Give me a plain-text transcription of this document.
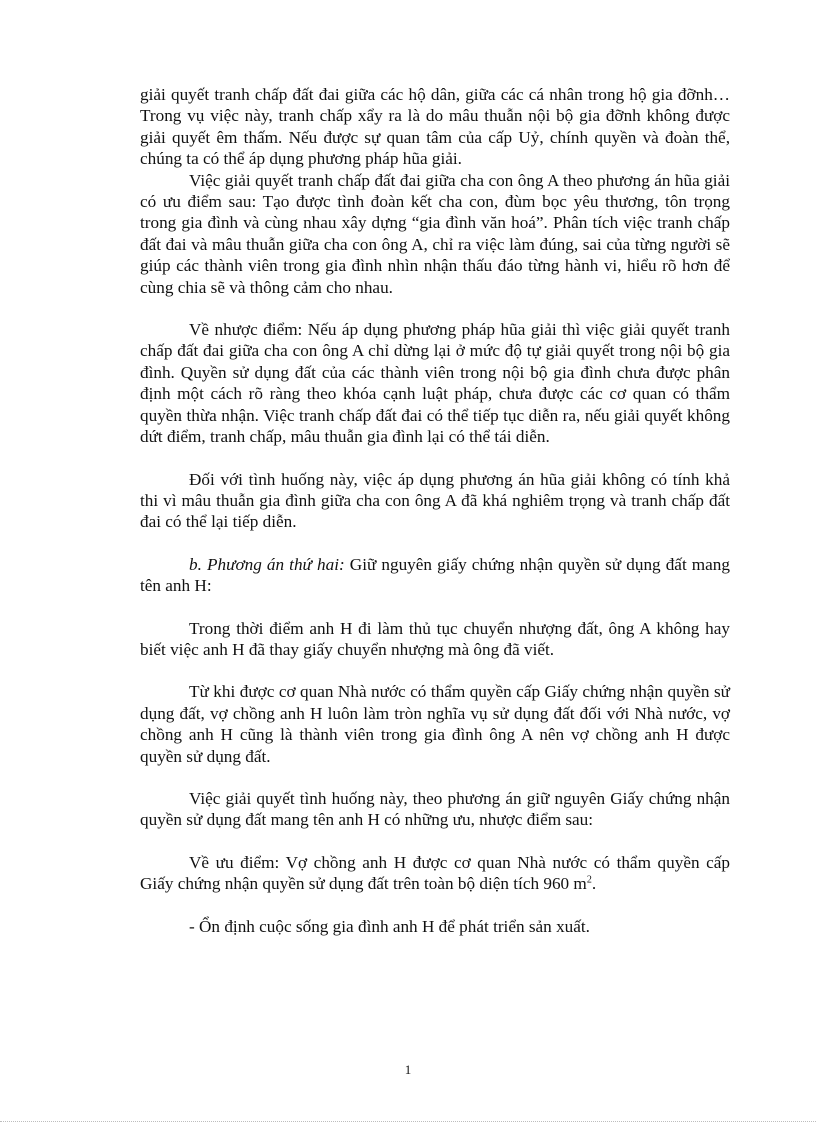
giải quyết tranh chấp đất đai giữa các hộ dân, giữa các cá nhân trong hộ gia đỡnh… Trong vụ việc này, tranh chấp xẩy ra là do mâu thuẫn nội bộ gia đỡnh không được giải quyết êm thấm. Nếu được sự quan tâm của cấp Uỷ, chính quyền và đoàn thể, chúng ta có thể áp dụng phương pháp hũa giải.

Việc giải quyết tranh chấp đất đai giữa cha con ông A theo phương án hũa giải có ưu điểm sau: Tạo được tình đoàn kết cha con, đùm bọc yêu thương, tôn trọng trong gia đình và cùng nhau xây dựng “gia đình văn hoá”. Phân tích việc tranh chấp đất đai và mâu thuẫn giữa cha con ông A, chỉ ra việc làm đúng, sai của từng người sẽ giúp các thành viên trong gia đình nhìn nhận thấu đáo từng hành vi, hiểu rõ hơn để cùng chia sẽ và thông cảm cho nhau.

Về nhược điểm: Nếu áp dụng phương pháp hũa giải thì việc giải quyết tranh chấp đất đai giữa cha con ông A chỉ dừng lại ở mức độ tự giải quyết trong nội bộ gia đình. Quyền sử dụng đất của các thành viên trong nội bộ gia đình chưa được phân định một cách rõ ràng theo khóa cạnh luật pháp, chưa được các cơ quan có thẩm quyền thừa nhận. Việc tranh chấp đất đai có thể tiếp tục diễn ra, nếu giải quyết không dứt điểm, tranh chấp, mâu thuẫn gia đình lại có thể tái diễn.

Đối với tình huống này, việc áp dụng phương án hũa giải không có tính khả thi vì mâu thuẫn gia đình giữa cha con ông A đã khá nghiêm trọng và tranh chấp đất đai có thể lại tiếp diễn.

b. Phương án thứ hai: Giữ nguyên giấy chứng nhận quyền sử dụng đất mang tên anh H:

Trong thời điểm anh H đi làm thủ tục chuyển nhượng đất, ông A không hay biết việc anh H đã thay giấy chuyển nhượng mà ông đã viết.

Từ khi được cơ quan Nhà nước có thẩm quyền cấp Giấy chứng nhận quyền sử dụng đất, vợ chồng anh H luôn làm tròn nghĩa vụ sử dụng đất đối với Nhà nước, vợ chồng anh H cũng là thành viên trong gia đình ông A nên vợ chồng anh H được quyền sử dụng đất.

Việc giải quyết tình huống này, theo phương án giữ nguyên Giấy chứng nhận quyền sử dụng đất mang tên anh H có những ưu, nhược điểm sau:

Về ưu điểm: Vợ chồng anh H được cơ quan Nhà nước có thẩm quyền cấp Giấy chứng nhận quyền sử dụng đất trên toàn bộ diện tích 960 $m^2$.

- Ổn định cuộc sống gia đình anh H để phát triển sản xuất.

1
